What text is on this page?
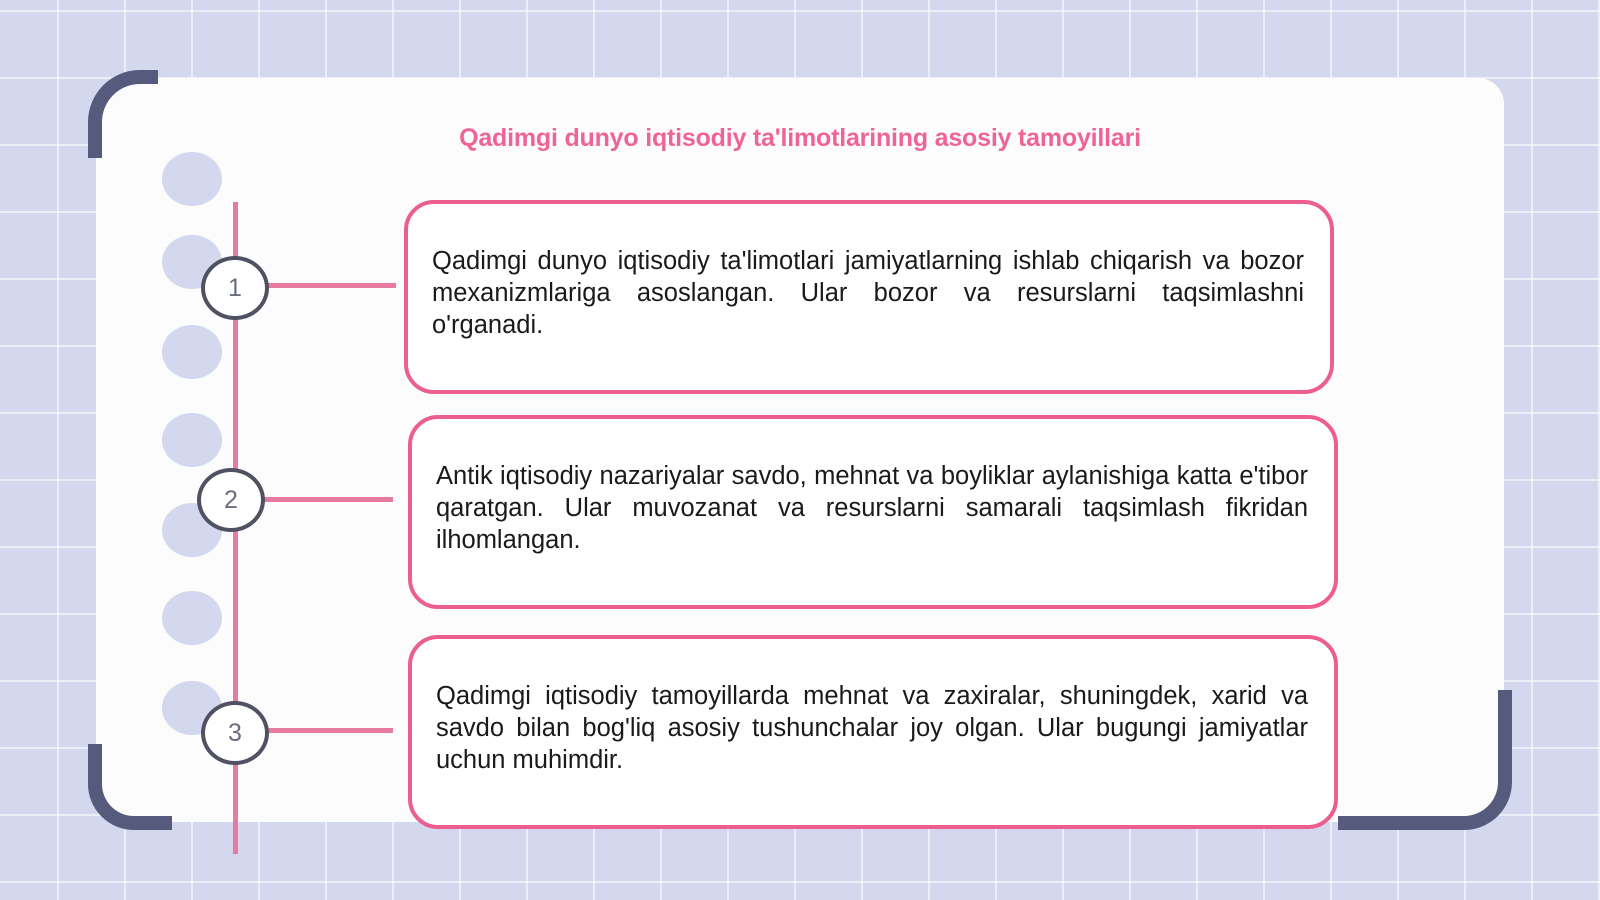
Qadimgi dunyo iqtisodiy ta'limotlarining asosiy tamoyillari
1
2
3

Qadimgi dunyo iqtisodiy ta'limotlari jamiyatlarning ishlab chiqarish va bozor mexanizmlariga asoslangan. Ular bozor va resurslarni taqsimlashni o'rganadi.

Antik iqtisodiy nazariyalar savdo, mehnat va boyliklar aylanishiga katta e'tibor qaratgan. Ular muvozanat va resurslarni samarali taqsimlash fikridan ilhomlangan.

Qadimgi iqtisodiy tamoyillarda mehnat va zaxiralar, shuningdek, xarid va savdo bilan bog'liq asosiy tushunchalar joy olgan. Ular bugungi jamiyatlar uchun muhimdir.
